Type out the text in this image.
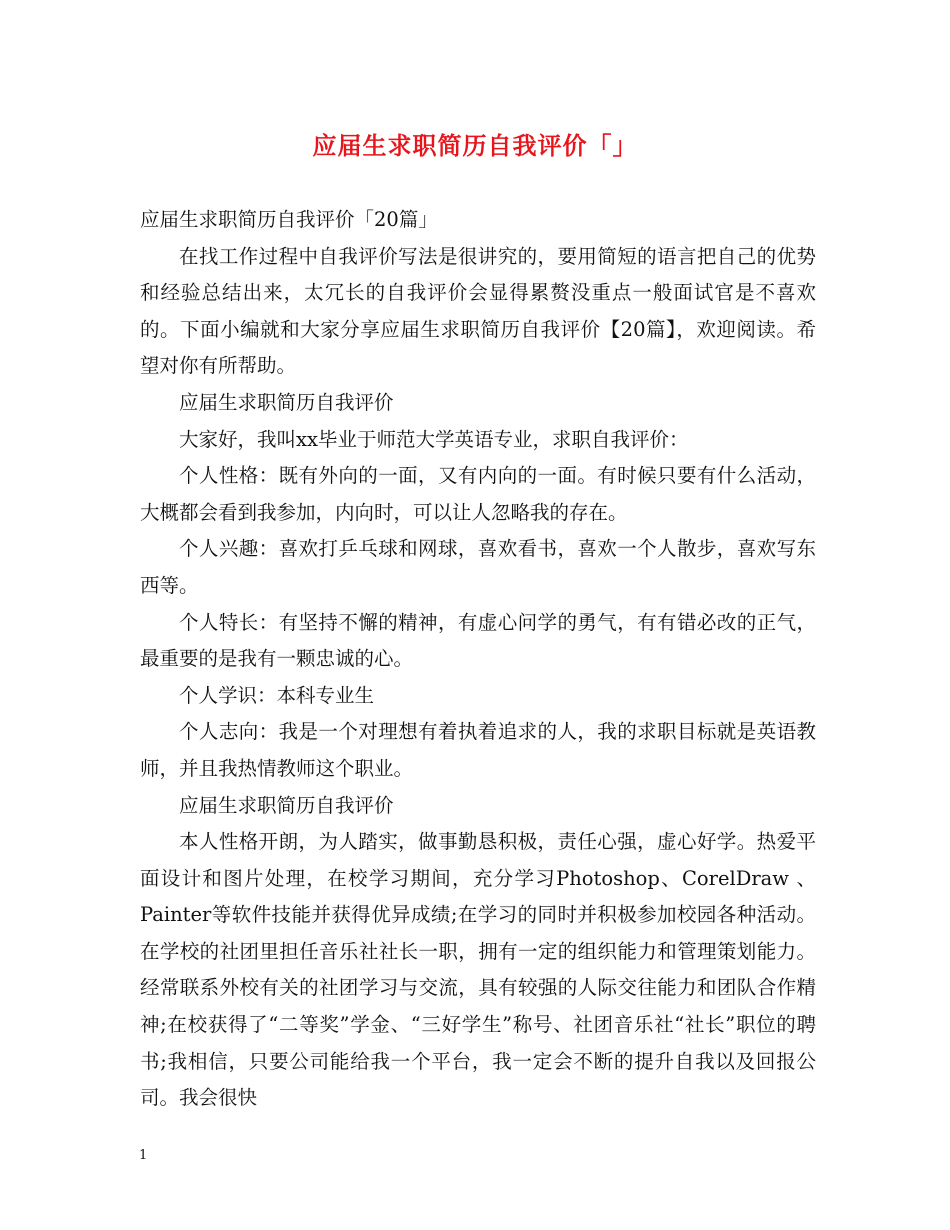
应届生求职简历自我评价「」

应届生求职简历自我评价「20篇」

在找工作过程中自我评价写法是很讲究的，要用简短的语言把自己的优势和经验总结出来，太冗长的自我评价会显得累赘没重点一般面试官是不喜欢的。下面小编就和大家分享应届生求职简历自我评价【20篇】，欢迎阅读。希望对你有所帮助。

应届生求职简历自我评价

大家好，我叫xx毕业于师范大学英语专业，求职自我评价：

个人性格：既有外向的一面，又有内向的一面。有时候只要有什么活动，大概都会看到我参加，内向时，可以让人忽略我的存在。

个人兴趣：喜欢打乒乓球和网球，喜欢看书，喜欢一个人散步，喜欢写东西等。

个人特长：有坚持不懈的精神，有虚心问学的勇气，有有错必改的正气，最重要的是我有一颗忠诚的心。

个人学识：本科专业生

个人志向：我是一个对理想有着执着追求的人，我的求职目标就是英语教师，并且我热情教师这个职业。

应届生求职简历自我评价

本人性格开朗，为人踏实，做事勤恳积极，责任心强，虚心好学。热爱平面设计和图片处理，在校学习期间，充分学习Photoshop、CorelDraw 、Painter等软件技能并获得优异成绩;在学习的同时并积极参加校园各种活动。在学校的社团里担任音乐社社长一职，拥有一定的组织能力和管理策划能力。经常联系外校有关的社团学习与交流，具有较强的人际交往能力和团队合作精神;在校获得了“二等奖”学金、“三好学生”称号、社团音乐社“社长”职位的聘书;我相信，只要公司能给我一个平台，我一定会不断的提升自我以及回报公司。我会很快

1
